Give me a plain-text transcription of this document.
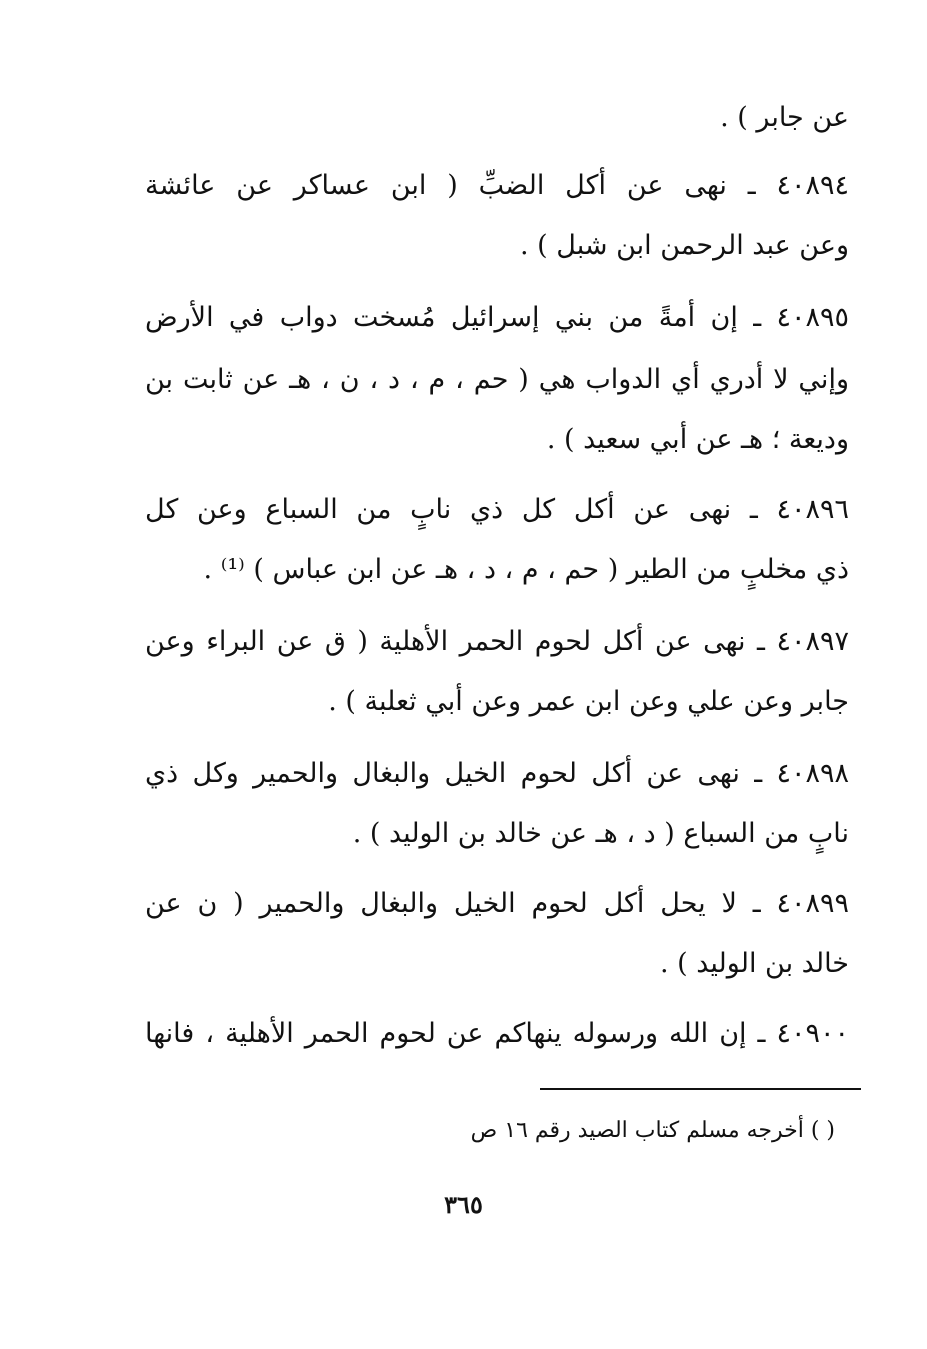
عن جابر ) .
٤٠٨٩٤ ـ نهى عن أكل الضبِّ ( ابن عساكر عن عائشة
وعن عبد الرحمن ابن شبل ) .
٤٠٨٩٥ ـ إن أمةً من بني إسرائيل مُسخت دواب في الأرض
وإني لا أدري أي الدواب هي ( حم ، م ، د ، ن ، هـ عن ثابت بن
وديعة ؛ هـ عن أبي سعيد ) .
٤٠٨٩٦ ـ نهى عن أكل كل ذي نابٍ من السباع وعن كل
ذي مخلبٍ من الطير ( حم ، م ، د ، هـ عن ابن عباس ) ⁽¹⁾ .
٤٠٨٩٧ ـ نهى عن أكل لحوم الحمر الأهلية ( ق عن البراء وعن
جابر وعن علي وعن ابن عمر وعن أبي ثعلبة ) .
٤٠٨٩٨ ـ نهى عن أكل لحوم الخيل والبغال والحمير وكل ذي
نابٍ من السباع ( د ، هـ عن خالد بن الوليد ) .
٤٠٨٩٩ ـ لا يحل أكل لحوم الخيل والبغال والحمير ( ن عن
خالد بن الوليد ) .
٤٠٩٠٠ ـ إن الله ورسوله ينهاكم عن لحوم الحمر الأهلية ، فانها
( ) أخرجه مسلم كتاب الصيد رقم ١٦ ص
٣٦٥
